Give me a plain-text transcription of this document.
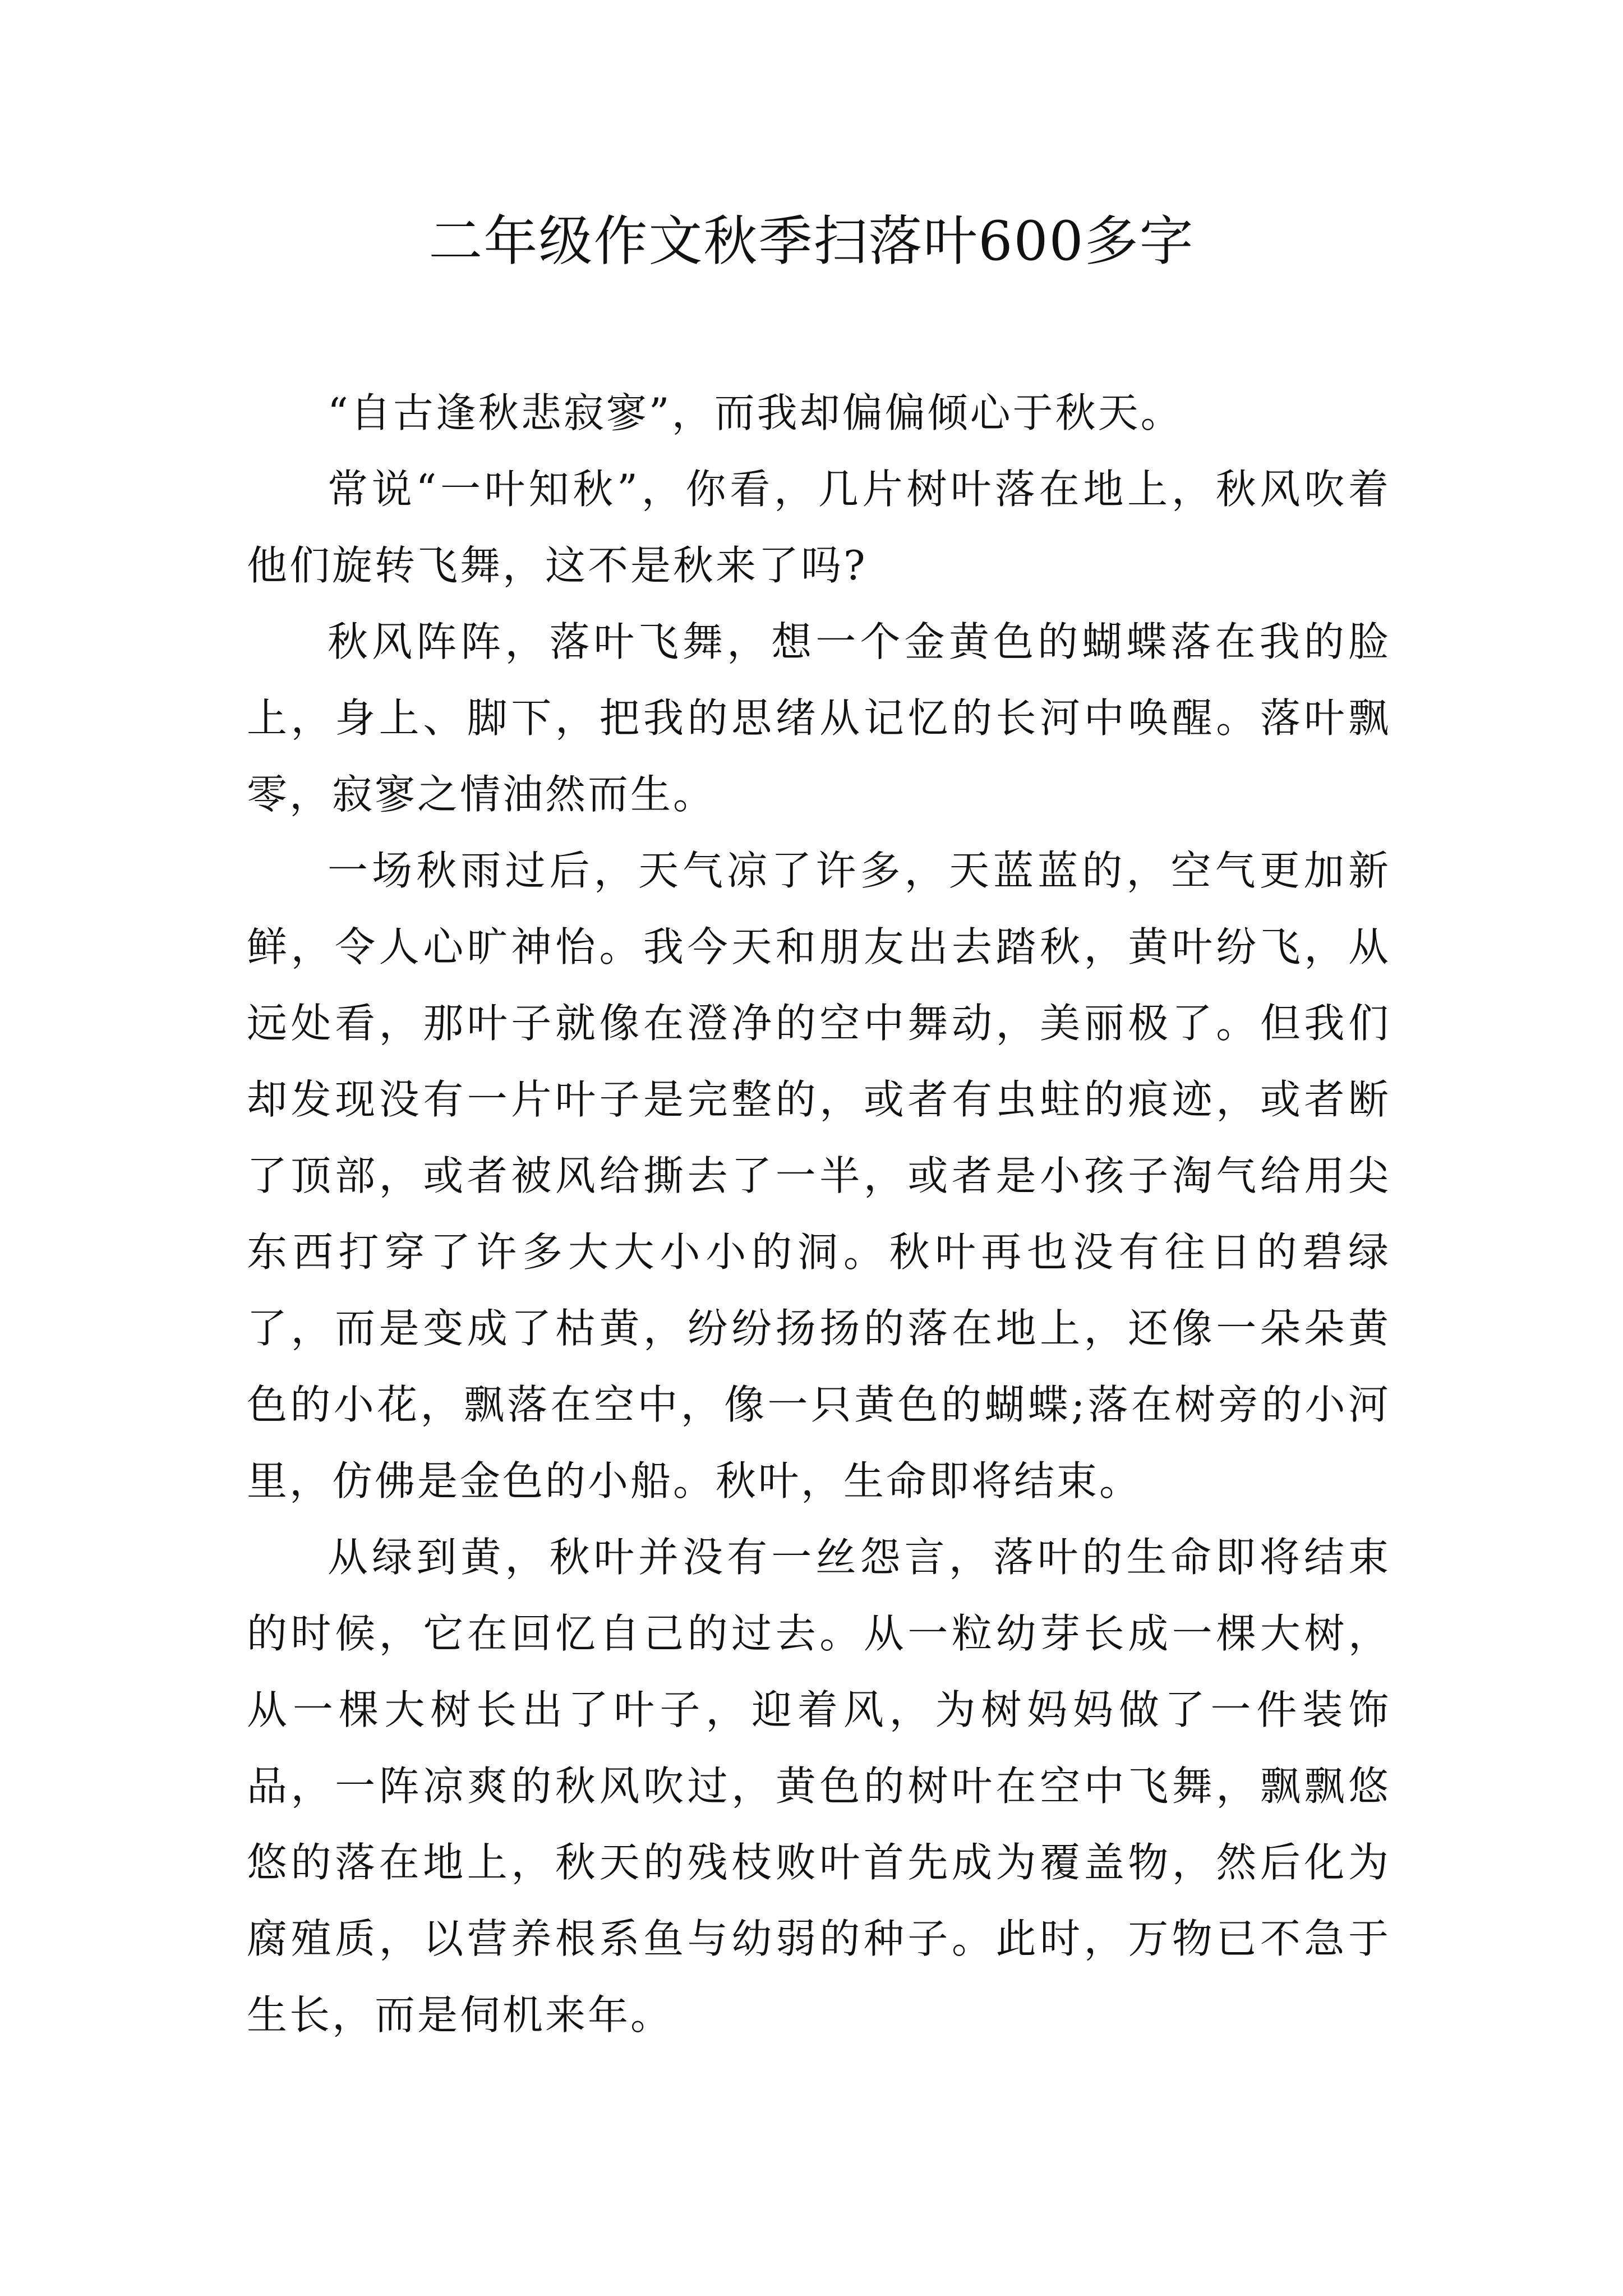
二年级作文秋季扫落叶600多字

“自古逢秋悲寂寥”，而我却偏偏倾心于秋天。

常说“一叶知秋”，你看，几片树叶落在地上，秋风吹着他们旋转飞舞，这不是秋来了吗?

秋风阵阵，落叶飞舞，想一个金黄色的蝴蝶落在我的脸上，身上、脚下，把我的思绪从记忆的长河中唤醒。落叶飘零，寂寥之情油然而生。

一场秋雨过后，天气凉了许多，天蓝蓝的，空气更加新鲜，令人心旷神怡。我今天和朋友出去踏秋，黄叶纷飞，从远处看，那叶子就像在澄净的空中舞动，美丽极了。但我们却发现没有一片叶子是完整的，或者有虫蛀的痕迹，或者断了顶部，或者被风给撕去了一半，或者是小孩子淘气给用尖东西打穿了许多大大小小的洞。秋叶再也没有往日的碧绿了，而是变成了枯黄，纷纷扬扬的落在地上，还像一朵朵黄色的小花，飘落在空中，像一只黄色的蝴蝶;落在树旁的小河里，仿佛是金色的小船。秋叶，生命即将结束。

从绿到黄，秋叶并没有一丝怨言，落叶的生命即将结束的时候，它在回忆自己的过去。从一粒幼芽长成一棵大树，从一棵大树长出了叶子，迎着风，为树妈妈做了一件装饰品，一阵凉爽的秋风吹过，黄色的树叶在空中飞舞，飘飘悠悠的落在地上，秋天的残枝败叶首先成为覆盖物，然后化为腐殖质，以营养根系鱼与幼弱的种子。此时，万物已不急于生长，而是伺机来年。
